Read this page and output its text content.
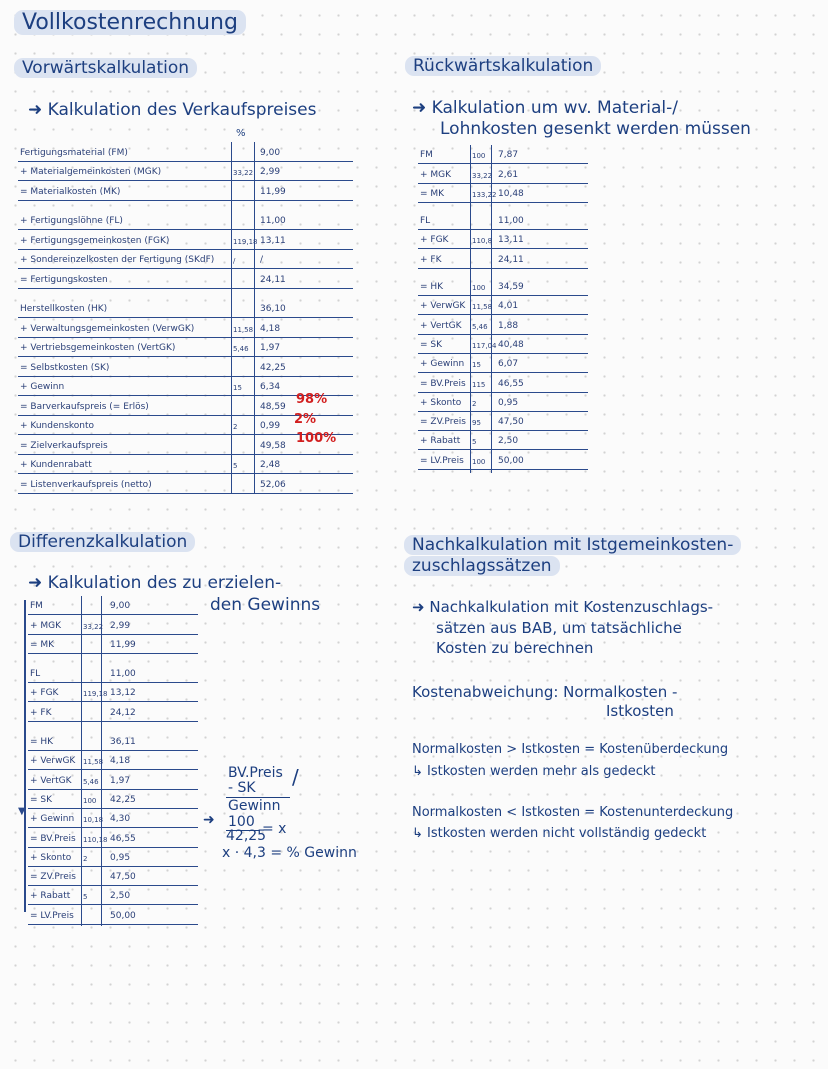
Vollkostenrechnung
Vorwärtskalkulation
➜ Kalkulation des Verkaufspreises
%
Fertigungsmaterial (FM)	9,00
+ Materialgemeinkosten (MGK)	33,22 2,99
= Materialkosten (MK)	11,99
+ Fertigungslöhne (FL)	11,00
+ Fertigungsgemeinkosten (FGK)	119,18 13,11
+ Sondereinzelkosten der Fertigung (SKdF)	/	/
= Fertigungskosten	24,11
Herstellkosten (HK)	36,10
+ Verwaltungsgemeinkosten (VerwGK)	11,58 4,18
+ Vertriebsgemeinkosten (VertGK)	5,46 1,97
= Selbstkosten (SK)	42,25
+ Gewinn	15 6,34
= Barverkaufspreis (= Erlös)	48,59
+ Kundenskonto	2	0,99
= Zielverkaufspreis	49,58
+ Kundenrabatt	5	2,48
= Listenverkaufspreis (netto)	52,06
98%
2%
100%
Rückwärtskalkulation
➜ Kalkulation um wv. Material-/
Lohnkosten gesenkt werden müssen
FM	100 7,87
+ MGK	33,22 2,61
= MK	133,22 10,48
FL	11,00
+ FGK	110,8 13,11
+ FK	24,11
= HK	100 34,59
+ VerwGK 11,58 4,01
+ VertGK 5,46 1,88
= SK	117,04 40,48
+ Gewinn 15 6,07
= BV.Preis 115 46,55
+ Skonto 2 0,95
= ZV.Preis 95 47,50
+ Rabatt 5 2,50
= LV.Preis 100 50,00
Differenzkalkulation
➜ Kalkulation des zu erzielen-
den Gewinns
FM	9,00
+ MGK	33,22 2,99
= MK	11,99
FL	11,00
+ FGK	119,18 13,12
+ FK	24,12
= HK	36,11
+ VerwGK 11,58 4,18
+ VertGK 5,46 1,97
= SK	100 42,25
+ Gewinn 10,18 4,30
= BV.Preis 110,18 46,55
+ Skonto 2	0,95
= ZV.Preis	47,50
+ Rabatt 5	2,50
= LV.Preis	50,00
▼
BV.Preis
- SK
Gewinn
/
➜ 100
42,25
= x
x · 4,3 = % Gewinn
Nachkalkulation mit Istgemeinkosten-
zuschlagssätzen
➜ Nachkalkulation mit Kostenzuschlags-
sätzen aus BAB, um tatsächliche
Kosten zu berechnen
Kostenabweichung: Normalkosten -
Istkosten
Normalkosten > Istkosten = Kostenüberdeckung
↳ Istkosten werden mehr als gedeckt
Normalkosten < Istkosten = Kostenunterdeckung
↳ Istkosten werden nicht vollständig gedeckt
